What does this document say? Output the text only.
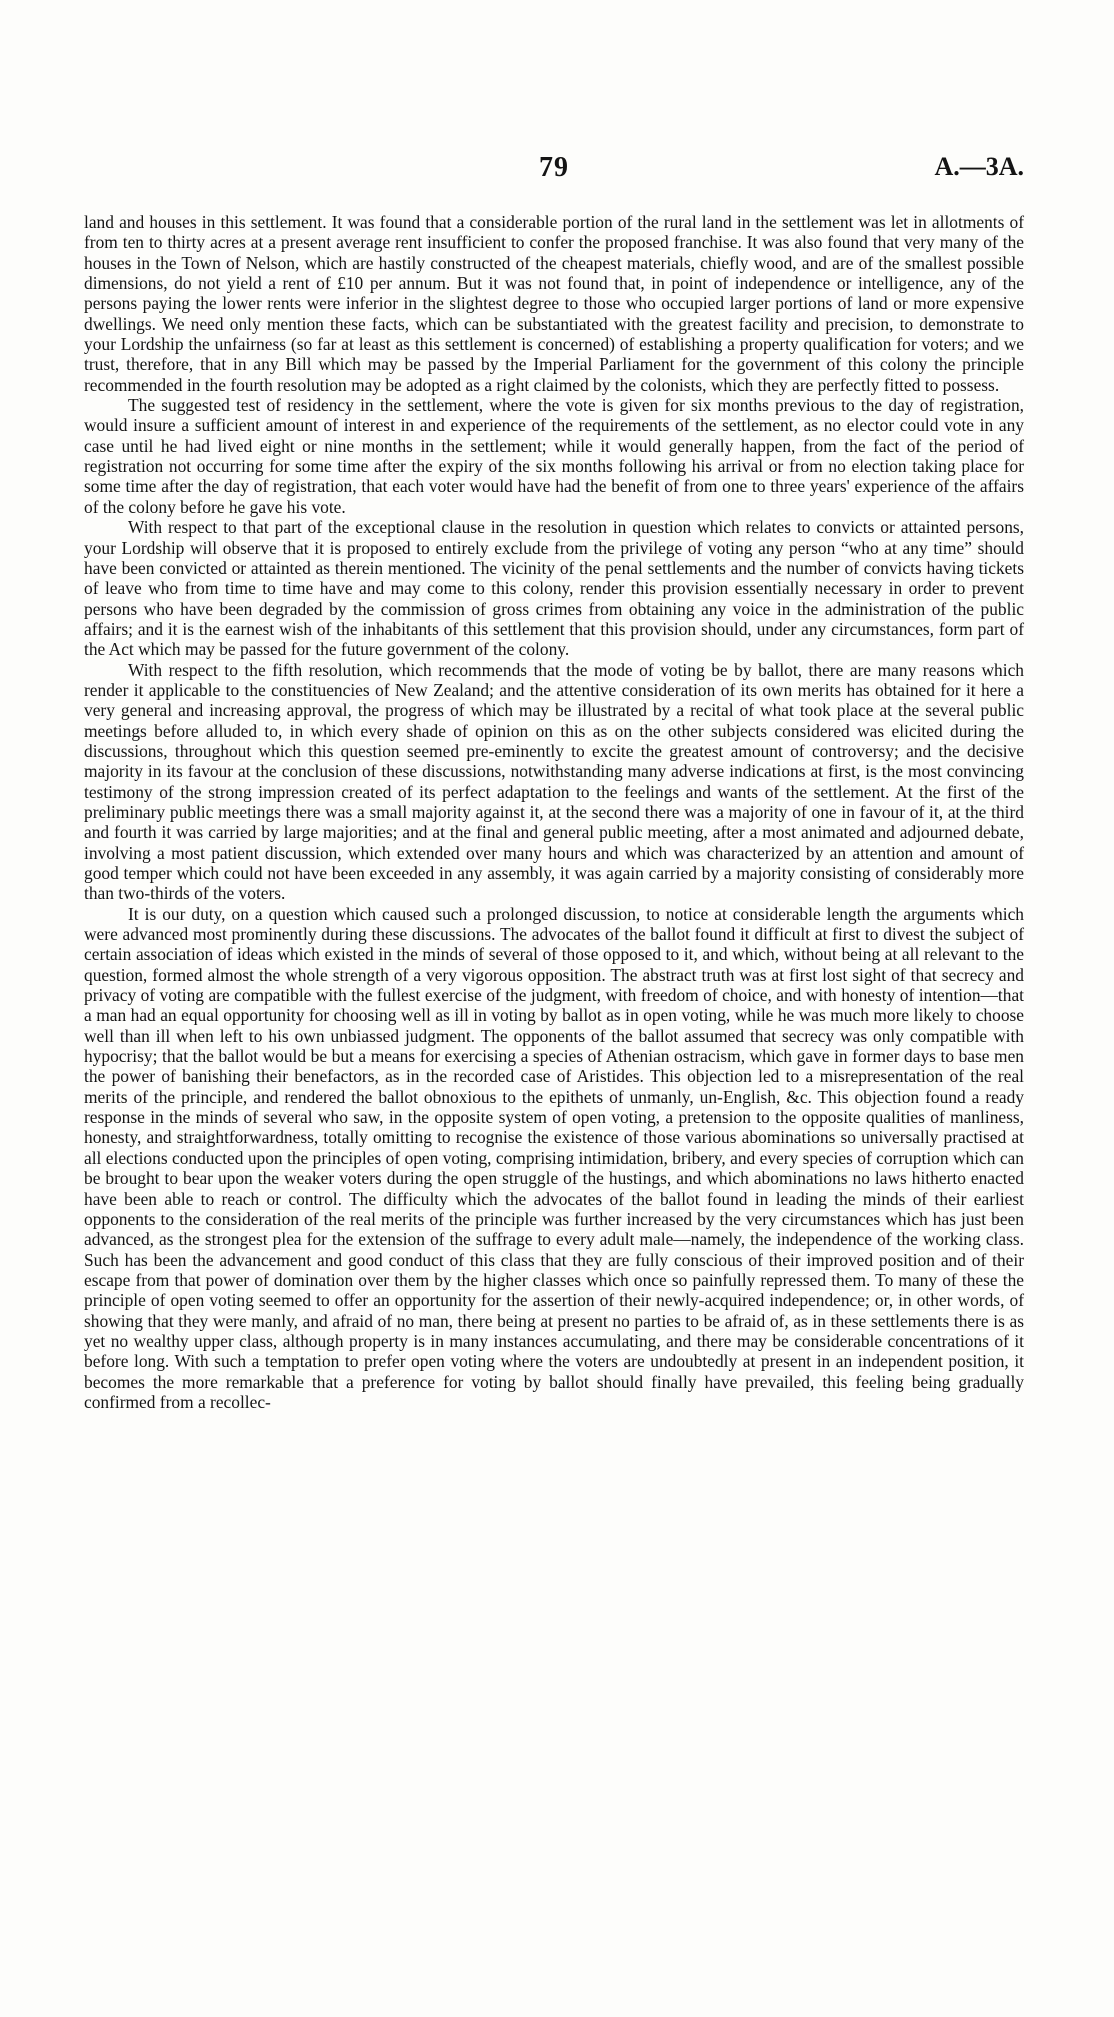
79	A.—3A.

land and houses in this settlement. It was found that a considerable portion of the rural land in the settlement was let in allotments of from ten to thirty acres at a present average rent insufficient to confer the proposed franchise. It was also found that very many of the houses in the Town of Nelson, which are hastily constructed of the cheapest materials, chiefly wood, and are of the smallest possible dimensions, do not yield a rent of £10 per annum. But it was not found that, in point of independence or intelligence, any of the persons paying the lower rents were inferior in the slightest degree to those who occupied larger portions of land or more expensive dwellings. We need only mention these facts, which can be substantiated with the greatest facility and precision, to demonstrate to your Lordship the unfairness (so far at least as this settlement is concerned) of establishing a property qualification for voters; and we trust, therefore, that in any Bill which may be passed by the Imperial Parliament for the government of this colony the principle recommended in the fourth resolution may be adopted as a right claimed by the colonists, which they are perfectly fitted to possess.

The suggested test of residency in the settlement, where the vote is given for six months previous to the day of registration, would insure a sufficient amount of interest in and experience of the requirements of the settlement, as no elector could vote in any case until he had lived eight or nine months in the settlement; while it would generally happen, from the fact of the period of registration not occurring for some time after the expiry of the six months following his arrival or from no election taking place for some time after the day of registration, that each voter would have had the benefit of from one to three years' experience of the affairs of the colony before he gave his vote.

With respect to that part of the exceptional clause in the resolution in question which relates to convicts or attainted persons, your Lordship will observe that it is proposed to entirely exclude from the privilege of voting any person “who at any time” should have been convicted or attainted as therein mentioned. The vicinity of the penal settlements and the number of convicts having tickets of leave who from time to time have and may come to this colony, render this provision essentially necessary in order to prevent persons who have been degraded by the commission of gross crimes from obtaining any voice in the administration of the public affairs; and it is the earnest wish of the inhabitants of this settlement that this provision should, under any circumstances, form part of the Act which may be passed for the future government of the colony.

With respect to the fifth resolution, which recommends that the mode of voting be by ballot, there are many reasons which render it applicable to the constituencies of New Zealand; and the attentive consideration of its own merits has obtained for it here a very general and increasing approval, the progress of which may be illustrated by a recital of what took place at the several public meetings before alluded to, in which every shade of opinion on this as on the other subjects considered was elicited during the discussions, throughout which this question seemed pre-eminently to excite the greatest amount of controversy; and the decisive majority in its favour at the conclusion of these discussions, notwithstanding many adverse indications at first, is the most convincing testimony of the strong impression created of its perfect adaptation to the feelings and wants of the settlement. At the first of the preliminary public meetings there was a small majority against it, at the second there was a majority of one in favour of it, at the third and fourth it was carried by large majorities; and at the final and general public meeting, after a most animated and adjourned debate, involving a most patient discussion, which extended over many hours and which was characterized by an attention and amount of good temper which could not have been exceeded in any assembly, it was again carried by a majority consisting of considerably more than two-thirds of the voters.

It is our duty, on a question which caused such a prolonged discussion, to notice at considerable length the arguments which were advanced most prominently during these discussions. The advocates of the ballot found it difficult at first to divest the subject of certain association of ideas which existed in the minds of several of those opposed to it, and which, without being at all relevant to the question, formed almost the whole strength of a very vigorous opposition. The abstract truth was at first lost sight of that secrecy and privacy of voting are compatible with the fullest exercise of the judgment, with freedom of choice, and with honesty of intention—that a man had an equal opportunity for choosing well as ill in voting by ballot as in open voting, while he was much more likely to choose well than ill when left to his own unbiassed judgment. The opponents of the ballot assumed that secrecy was only compatible with hypocrisy; that the ballot would be but a means for exercising a species of Athenian ostracism, which gave in former days to base men the power of banishing their benefactors, as in the recorded case of Aristides. This objection led to a misrepresentation of the real merits of the principle, and rendered the ballot obnoxious to the epithets of unmanly, un-English, &c. This objection found a ready response in the minds of several who saw, in the opposite system of open voting, a pretension to the opposite qualities of manliness, honesty, and straightforwardness, totally omitting to recognise the existence of those various abominations so universally practised at all elections conducted upon the principles of open voting, comprising intimidation, bribery, and every species of corruption which can be brought to bear upon the weaker voters during the open struggle of the hustings, and which abominations no laws hitherto enacted have been able to reach or control. The difficulty which the advocates of the ballot found in leading the minds of their earliest opponents to the consideration of the real merits of the principle was further increased by the very circumstances which has just been advanced, as the strongest plea for the extension of the suffrage to every adult male—namely, the independence of the working class. Such has been the advancement and good conduct of this class that they are fully conscious of their improved position and of their escape from that power of domination over them by the higher classes which once so painfully repressed them. To many of these the principle of open voting seemed to offer an opportunity for the assertion of their newly-acquired independence; or, in other words, of showing that they were manly, and afraid of no man, there being at present no parties to be afraid of, as in these settlements there is as yet no wealthy upper class, although property is in many instances accumulating, and there may be considerable concentrations of it before long. With such a temptation to prefer open voting where the voters are undoubtedly at present in an independent position, it becomes the more remarkable that a preference for voting by ballot should finally have prevailed, this feeling being gradually confirmed from a recollec-
